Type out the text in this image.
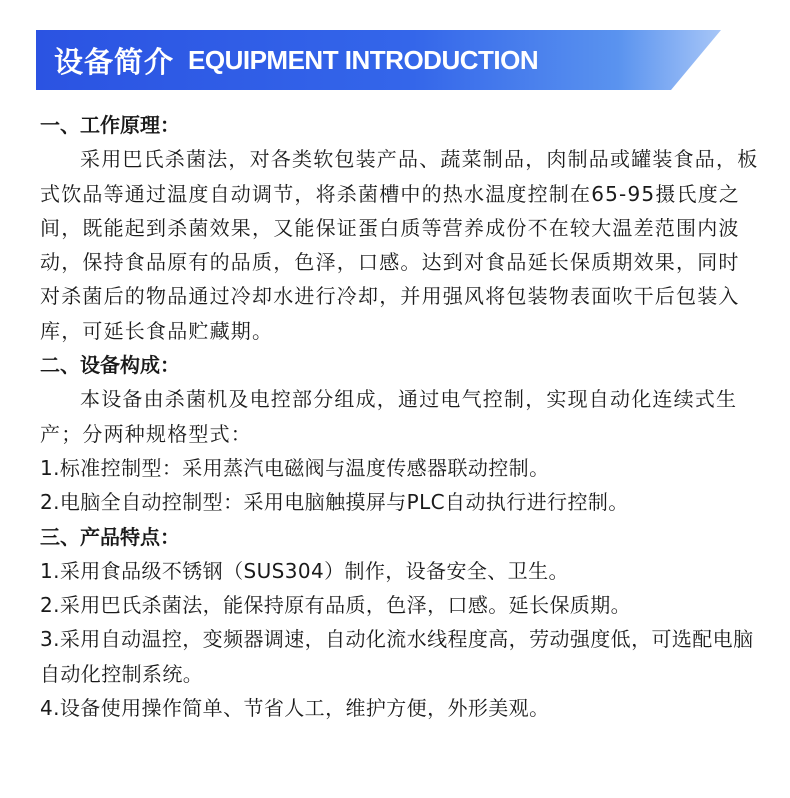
设备简介 EQUIPMENT INTRODUCTION

一、工作原理：

采用巴氏杀菌法，对各类软包装产品、蔬菜制品，肉制品或罐装食品，板式饮品等通过温度自动调节，将杀菌槽中的热水温度控制在65-95摄氏度之间，既能起到杀菌效果，又能保证蛋白质等营养成份不在较大温差范围内波动，保持食品原有的品质，色泽，口感。达到对食品延长保质期效果，同时对杀菌后的物品通过冷却水进行冷却，并用强风将包装物表面吹干后包装入库，可延长食品贮藏期。

二、设备构成：

本设备由杀菌机及电控部分组成，通过电气控制，实现自动化连续式生产；分两种规格型式：

1.标准控制型：采用蒸汽电磁阀与温度传感器联动控制。

2.电脑全自动控制型：采用电脑触摸屏与PLC自动执行进行控制。

三、产品特点：

1.采用食品级不锈钢（SUS304）制作，设备安全、卫生。

2.采用巴氏杀菌法，能保持原有品质，色泽，口感。延长保质期。

3.采用自动温控，变频器调速，自动化流水线程度高，劳动强度低，可选配电脑自动化控制系统。

4.设备使用操作简单、节省人工，维护方便，外形美观。
